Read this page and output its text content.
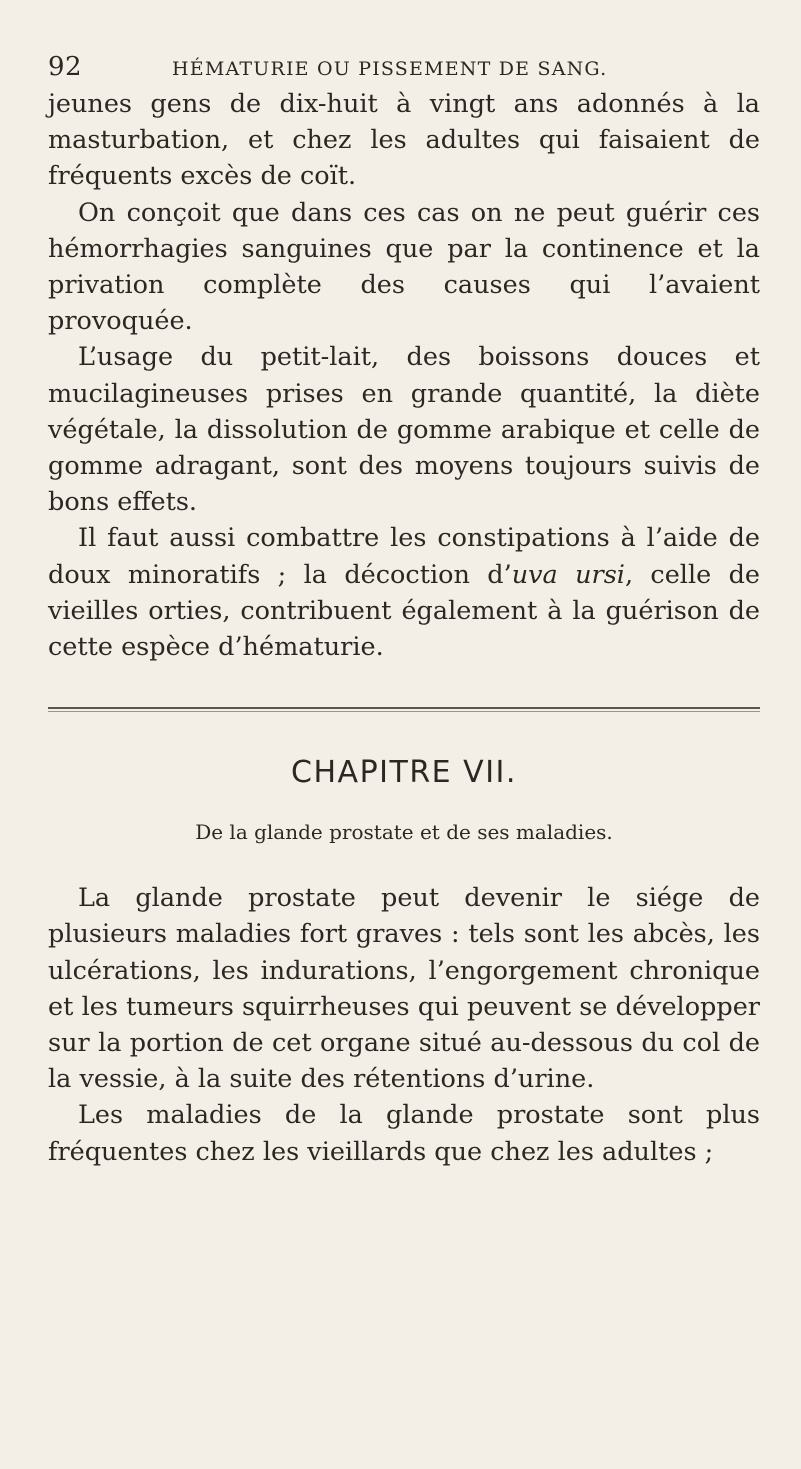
92	HÉMATURIE OU PISSEMENT DE SANG.

jeunes gens de dix-huit à vingt ans adonnés à la masturbation, et chez les adultes qui faisaient de fréquents excès de coït.

On conçoit que dans ces cas on ne peut guérir ces hémorrhagies sanguines que par la continence et la privation complète des causes qui l’avaient provoquée.

L’usage du petit-lait, des boissons douces et mucilagineuses prises en grande quantité, la diète végétale, la dissolution de gomme arabique et celle de gomme adragant, sont des moyens toujours suivis de bons effets.

Il faut aussi combattre les constipations à l’aide de doux minoratifs ; la décoction d’uva ursi, celle de vieilles orties, contribuent également à la guérison de cette espèce d’hématurie.

CHAPITRE VII.
De la glande prostate et de ses maladies.

La glande prostate peut devenir le siége de plusieurs maladies fort graves : tels sont les abcès, les ulcérations, les indurations, l’engorgement chronique et les tumeurs squirrheuses qui peuvent se développer sur la portion de cet organe situé au-dessous du col de la vessie, à la suite des rétentions d’urine.

Les maladies de la glande prostate sont plus fréquentes chez les vieillards que chez les adultes ;
